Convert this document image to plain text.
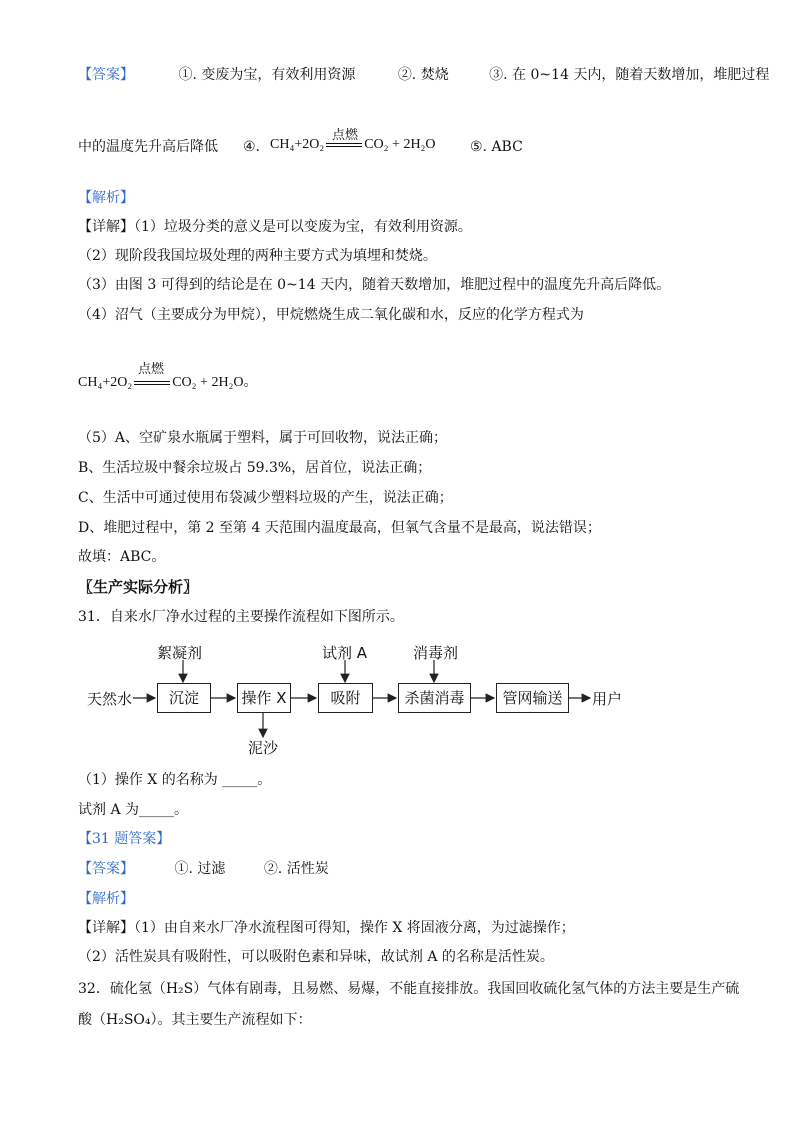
【答案】	①. 变废为宝，有效利用资源	②. 焚烧	③. 在 0~14 天内，随着天数增加，堆肥过程
中的温度先升高后降低 ④. CH₄+2O₂
点燃
CO₂ + 2H₂O ⑤. ABC
【解析】
【详解】（1）垃圾分类的意义是可以变废为宝，有效利用资源。
（2）现阶段我国垃圾处理的两种主要方式为填埋和焚烧。
（3）由图 3 可得到的结论是在 0~14 天内，随着天数增加，堆肥过程中的温度先升高后降低。
（4）沼气（主要成分为甲烷），甲烷燃烧生成二氧化碳和水，反应的化学方程式为
CH₄+2O₂
点燃
CO₂ + 2H₂O。
（5）A、空矿泉水瓶属于塑料，属于可回收物，说法正确；
B、生活垃圾中餐余垃圾占 59.3%，居首位，说法正确；
C、生活中可通过使用布袋减少塑料垃圾的产生，说法正确；
D、堆肥过程中，第 2 至第 4 天范围内温度最高，但氧气含量不是最高，说法错误；
故填：ABC。
〖生产实际分析〗
31．自来水厂净水过程的主要操作流程如下图所示。
天然水	沉淀	操作 X	吸附	杀菌消毒	管网输送	用户
絮凝剂	试剂 A	消毒剂
泥沙
（1）操作 X 的名称为 _____。
试剂 A 为_____。
【31 题答案】
【答案】	①. 过滤	②. 活性炭
【解析】
【详解】（1）由自来水厂净水流程图可得知，操作 X 将固液分离，为过滤操作；
（2）活性炭具有吸附性，可以吸附色素和异味，故试剂 A 的名称是活性炭。
32．硫化氢（H₂S）气体有剧毒，且易燃、易爆，不能直接排放。我国回收硫化氢气体的方法主要是生产硫
酸（H₂SO₄）。其主要生产流程如下：
